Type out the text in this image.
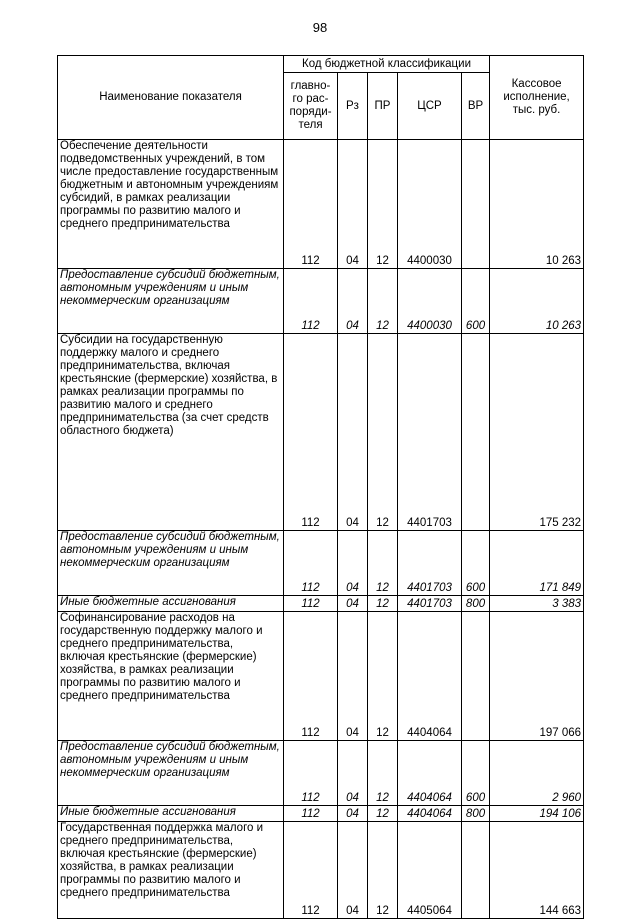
98
Наименование показателя	Код бюджетной классификации					Кассовое исполнение, тыс. руб.
	главно-го рас-поряди-теля	Рз	ПР	ЦСР	ВР	
Обеспечение деятельности подведомственных учреждений, в том числе предоставление государственным бюджетным и автономным учреждениям субсидий, в рамках реализации программы по развитию малого и среднего предпринимательства	112	04	12	4400030		10 263
Предоставление субсидий бюджетным, автономным учреждениям и иным некоммерческим организациям	112	04	12	4400030	600	10 263
Субсидии на государственную поддержку малого и среднего предпринимательства, включая крестьянские (фермерские) хозяйства, в рамках реализации программы по развитию малого и среднего предпринимательства (за счет средств областного бюджета)	112	04	12	4401703		175 232
Предоставление субсидий бюджетным, автономным учреждениям и иным некоммерческим организациям	112	04	12	4401703	600	171 849
Иные бюджетные ассигнования	112	04	12	4401703	800	3 383
Софинансирование расходов на государственную поддержку малого и среднего предпринимательства, включая крестьянские (фермерские) хозяйства, в рамках реализации программы по развитию малого и среднего предпринимательства	112	04	12	4404064		197 066
Предоставление субсидий бюджетным, автономным учреждениям и иным некоммерческим организациям	112	04	12	4404064	600	2 960
Иные бюджетные ассигнования	112	04	12	4404064	800	194 106
Государственная поддержка малого и среднего предпринимательства, включая крестьянские (фермерские) хозяйства, в рамках реализации программы по развитию малого и среднего предпринимательства	112	04	12	4405064		144 663
